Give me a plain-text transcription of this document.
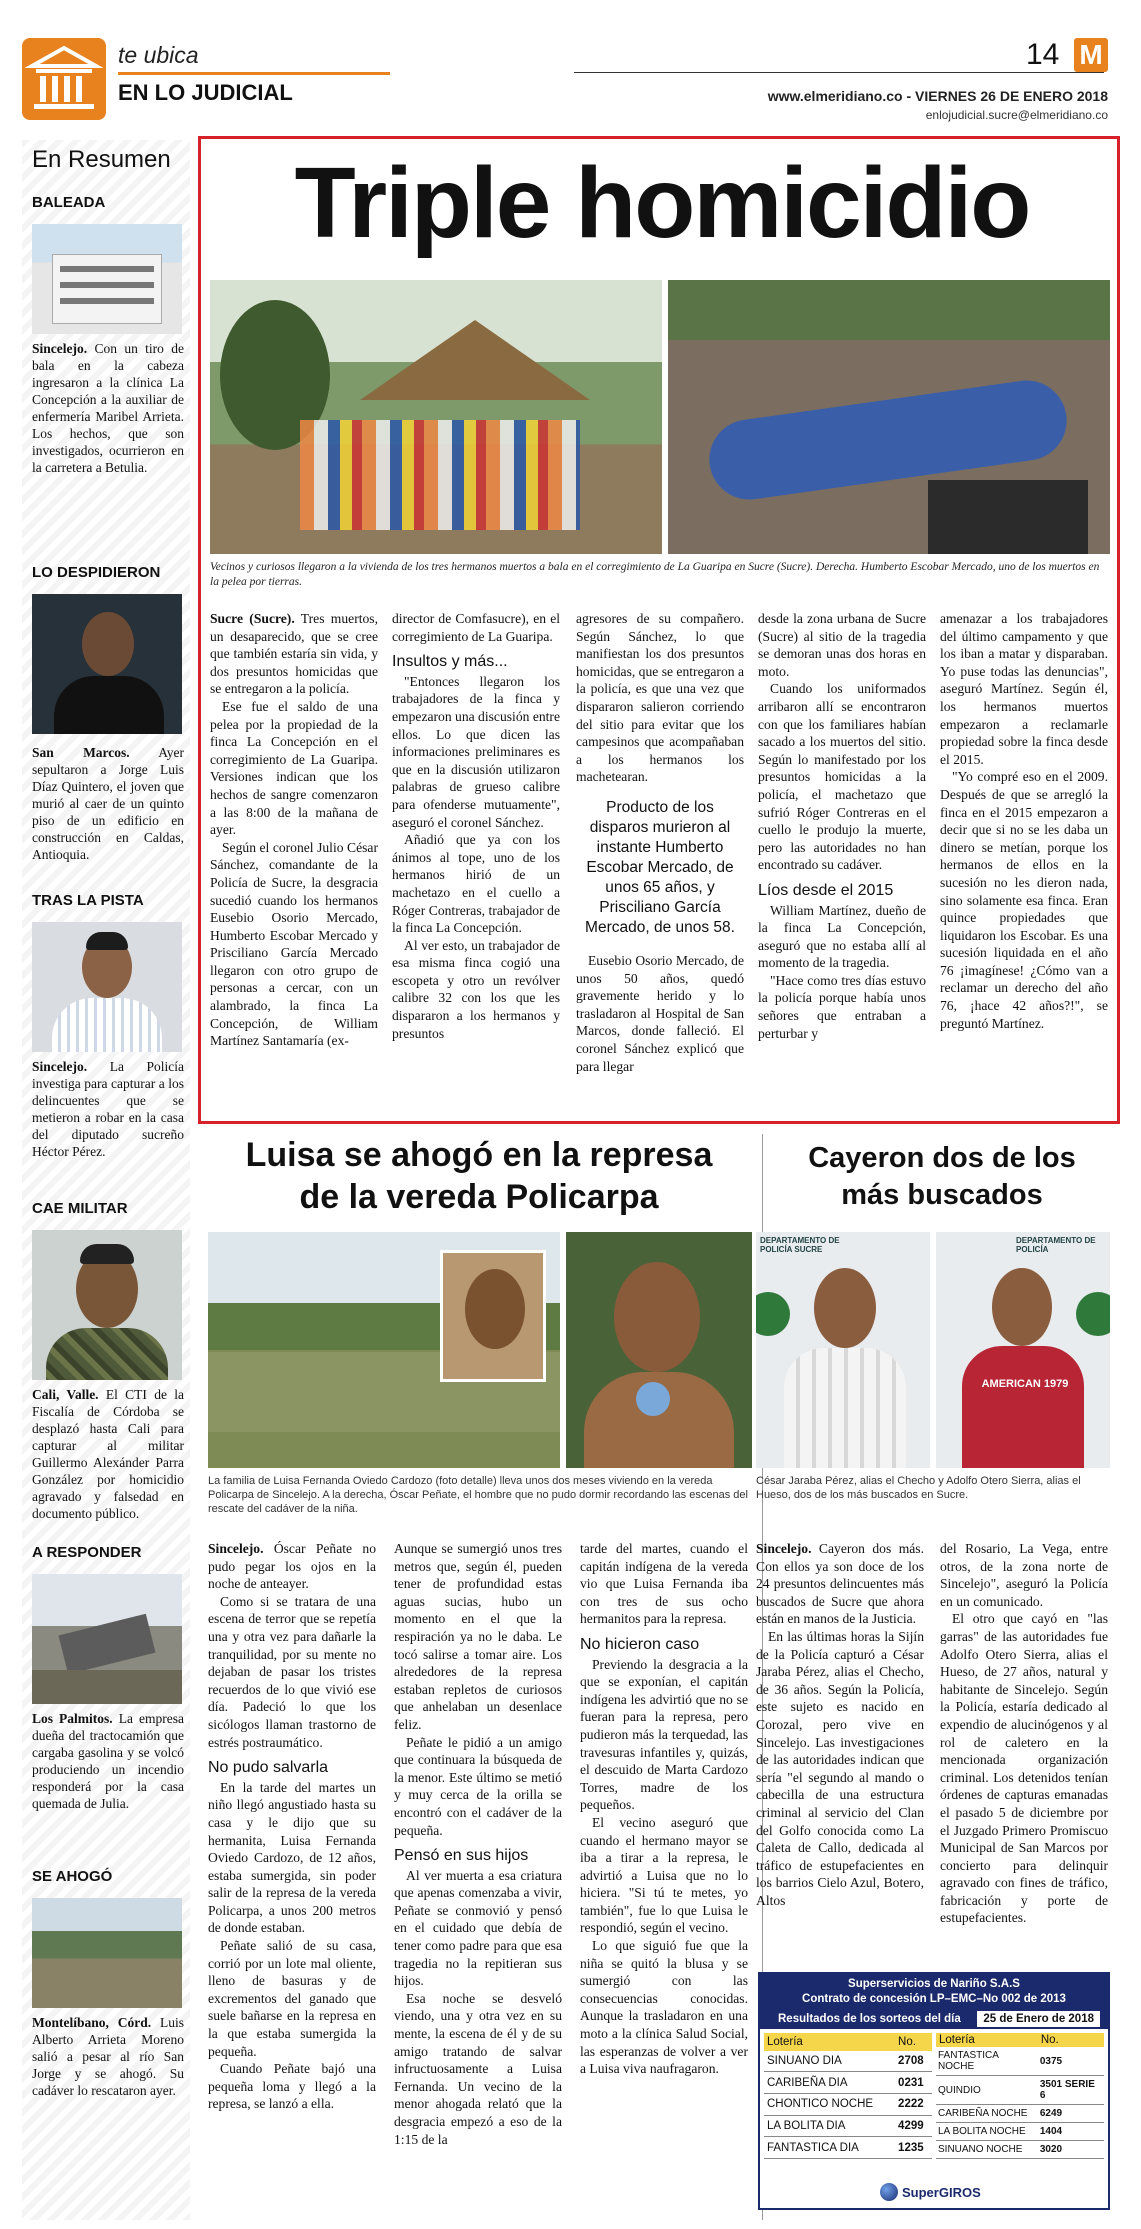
te ubica
EN LO JUDICIAL
14 M
www.elmeridiano.co - VIERNES 26 DE ENERO 2018
enlojudicial.sucre@elmeridiano.co
En Resumen
BALEADA
Sincelejo. Con un tiro de bala en la cabeza ingresaron a la clínica La Concepción a la auxiliar de enfermería Maribel Arrieta. Los hechos, que son investigados, ocurrieron en la carretera a Betulia.
LO DESPIDIERON
San Marcos. Ayer sepultaron a Jorge Luis Díaz Quintero, el joven que murió al caer de un quinto piso de un edificio en construcción en Caldas, Antioquia.
TRAS LA PISTA
Sincelejo. La Policía investiga para capturar a los delincuentes que se metieron a robar en la casa del diputado sucreño Héctor Pérez.
CAE MILITAR
Cali, Valle. El CTI de la Fiscalía de Córdoba se desplazó hasta Cali para capturar al militar Guillermo Alexánder Parra González por homicidio agravado y falsedad en documento público.
A RESPONDER
Los Palmitos. La empresa dueña del tractocamión que cargaba gasolina y se volcó produciendo un incendio responderá por la casa quemada de Julia.
SE AHOGÓ
Montelíbano, Córd. Luis Alberto Arrieta Moreno salió a pesar al río San Jorge y se ahogó. Su cadáver lo rescataron ayer.
Triple homicidio
Vecinos y curiosos llegaron a la vivienda de los tres hermanos muertos a bala en el corregimiento de La Guaripa en Sucre (Sucre). Derecha. Humberto Escobar Mercado, uno de los muertos en la pelea por tierras.

Sucre (Sucre). Tres muertos, un desaparecido, que se cree que también estaría sin vida, y dos presuntos homicidas que se entregaron a la policía.

Ese fue el saldo de una pelea por la propiedad de la finca La Concepción en el corregimiento de La Guaripa. Versiones indican que los hechos de sangre comenzaron a las 8:00 de la mañana de ayer.

Según el coronel Julio César Sánchez, comandante de la Policía de Sucre, la desgracia sucedió cuando los hermanos Eusebio Osorio Mercado, Humberto Escobar Mercado y Prisciliano García Mercado llegaron con otro grupo de personas a cercar, con un alambrado, la finca La Concepción, de William Martínez Santamaría (ex-

director de Comfasucre), en el corregimiento de La Guaripa.

Insultos y más...

"Entonces llegaron los trabajadores de la finca y empezaron una discusión entre ellos. Lo que dicen las informaciones preliminares es que en la discusión utilizaron palabras de grueso calibre para ofenderse mutuamente", aseguró el coronel Sánchez.

Añadió que ya con los ánimos al tope, uno de los hermanos hirió de un machetazo en el cuello a Róger Contreras, trabajador de la finca La Concepción.

Al ver esto, un trabajador de esa misma finca cogió una escopeta y otro un revólver calibre 32 con los que les dispararon a los hermanos y presuntos

agresores de su compañero. Según Sánchez, lo que manifiestan los dos presuntos homicidas, que se entregaron a la policía, es que una vez que dispararon salieron corriendo del sitio para evitar que los campesinos que acompañaban a los hermanos los machetearan.

Producto de los disparos murieron al instante Humberto Escobar Mercado, de unos 65 años, y Prisciliano García Mercado, de unos 58.

Eusebio Osorio Mercado, de unos 50 años, quedó gravemente herido y lo trasladaron al Hospital de San Marcos, donde falleció. El coronel Sánchez explicó que para llegar

desde la zona urbana de Sucre (Sucre) al sitio de la tragedia se demoran unas dos horas en moto.

Cuando los uniformados arribaron allí se encontraron con que los familiares habían sacado a los muertos del sitio. Según lo manifestado por los presuntos homicidas a la policía, el machetazo que sufrió Róger Contreras en el cuello le produjo la muerte, pero las autoridades no han encontrado su cadáver.

Líos desde el 2015

William Martínez, dueño de la finca La Concepción, aseguró que no estaba allí al momento de la tragedia.

"Hace como tres días estuvo la policía porque había unos señores que entraban a perturbar y

amenazar a los trabajadores del último campamento y que los iban a matar y disparaban. Yo puse todas las denuncias", aseguró Martínez. Según él, los hermanos muertos empezaron a reclamarle propiedad sobre la finca desde el 2015.

"Yo compré eso en el 2009. Después de que se arregló la finca en el 2015 empezaron a decir que si no se les daba un dinero se metían, porque los hermanos de ellos en la sucesión no les dieron nada, sino solamente esa finca. Eran quince propiedades que liquidaron los Escobar. Es una sucesión liquidada en el año 76 ¡imagínese! ¿Cómo van a reclamar un derecho del año 76, ¡hace 42 años?!", se preguntó Martínez.

Luisa se ahogó en la represa
de la vereda Policarpa
La familia de Luisa Fernanda Oviedo Cardozo (foto detalle) lleva unos dos meses viviendo en la vereda Policarpa de Sincelejo. A la derecha, Óscar Peñate, el hombre que no pudo dormir recordando las escenas del rescate del cadáver de la niña.

Sincelejo. Óscar Peñate no pudo pegar los ojos en la noche de anteayer.

Como si se tratara de una escena de terror que se repetía una y otra vez para dañarle la tranquilidad, por su mente no dejaban de pasar los tristes recuerdos de lo que vivió ese día. Padeció lo que los sicólogos llaman trastorno de estrés postraumático.

No pudo salvarla

En la tarde del martes un niño llegó angustiado hasta su casa y le dijo que su hermanita, Luisa Fernanda Oviedo Cardozo, de 12 años, estaba sumergida, sin poder salir de la represa de la vereda Policarpa, a unos 200 metros de donde estaban.

Peñate salió de su casa, corrió por un lote mal oliente, lleno de basuras y de excrementos del ganado que suele bañarse en la represa en la que estaba sumergida la pequeña.

Cuando Peñate bajó una pequeña loma y llegó a la represa, se lanzó a ella.

Aunque se sumergió unos tres metros que, según él, pueden tener de profundidad estas aguas sucias, hubo un momento en el que la respiración ya no le daba. Le tocó salirse a tomar aire. Los alrededores de la represa estaban repletos de curiosos que anhelaban un desenlace feliz.

Peñate le pidió a un amigo que continuara la búsqueda de la menor. Este último se metió y muy cerca de la orilla se encontró con el cadáver de la pequeña.

Pensó en sus hijos

Al ver muerta a esa criatura que apenas comenzaba a vivir, Peñate se conmovió y pensó en el cuidado que debía de tener como padre para que esa tragedia no la repitieran sus hijos.

Esa noche se desveló viendo, una y otra vez en su mente, la escena de él y de su amigo tratando de salvar infructuosamente a Luisa Fernanda. Un vecino de la menor ahogada relató que la desgracia empezó a eso de la 1:15 de la

tarde del martes, cuando el capitán indígena de la vereda vio que Luisa Fernanda iba con tres de sus ocho hermanitos para la represa.

No hicieron caso

Previendo la desgracia a la que se exponían, el capitán indígena les advirtió que no se fueran para la represa, pero pudieron más la terquedad, las travesuras infantiles y, quizás, el descuido de Marta Cardozo Torres, madre de los pequeños.

El vecino aseguró que cuando el hermano mayor se iba a tirar a la represa, le advirtió a Luisa que no lo hiciera. "Si tú te metes, yo también", fue lo que Luisa le respondió, según el vecino.

Lo que siguió fue que la niña se quitó la blusa y se sumergió con las consecuencias conocidas. Aunque la trasladaron en una moto a la clínica Salud Social, las esperanzas de volver a ver a Luisa viva naufragaron.

Cayeron dos de los
más buscados
DEPARTAMENTO DE POLICÍA SUCRE
DEPARTAMENTO DE POLICÍA
AMERICAN 1979
César Jaraba Pérez, alias el Checho y Adolfo Otero Sierra, alias el Hueso, dos de los más buscados en Sucre.

Sincelejo. Cayeron dos más. Con ellos ya son doce de los 24 presuntos delincuentes más buscados de Sucre que ahora están en manos de la Justicia.

En las últimas horas la Sijín de la Policía capturó a César Jaraba Pérez, alias el Checho, de 36 años. Según la Policía, este sujeto es nacido en Corozal, pero vive en Sincelejo. Las investigaciones de las autoridades indican que sería "el segundo al mando o cabecilla de una estructura criminal al servicio del Clan del Golfo conocida como La Caleta de Callo, dedicada al tráfico de estupefacientes en los barrios Cielo Azul, Botero, Altos

del Rosario, La Vega, entre otros, de la zona norte de Sincelejo", aseguró la Policía en un comunicado.

El otro que cayó en "las garras" de las autoridades fue Adolfo Otero Sierra, alias el Hueso, de 27 años, natural y habitante de Sincelejo. Según la Policía, estaría dedicado al expendio de alucinógenos y al rol de caletero en la mencionada organización criminal. Los detenidos tenían órdenes de capturas emanadas el pasado 5 de diciembre por el Juzgado Primero Promiscuo Municipal de San Marcos por concierto para delinquir agravado con fines de tráfico, fabricación y porte de estupefacientes.

Superservicios de Nariño S.A.S
Contrato de concesión LP–EMC–No 002 de 2013
Resultados de los sorteos del día	25 de Enero de 2018
Lotería	No.
SINUANO DIA	2708
CARIBEÑA DIA	0231
CHONTICO NOCHE	2222
LA BOLITA DIA	4299
FANTASTICA DIA	1235
Lotería	No.
FANTASTICA NOCHE	0375
QUINDIO	3501 SERIE 6
CARIBEÑA NOCHE	6249
LA BOLITA NOCHE	1404
SINUANO NOCHE	3020
SuperGIROS
